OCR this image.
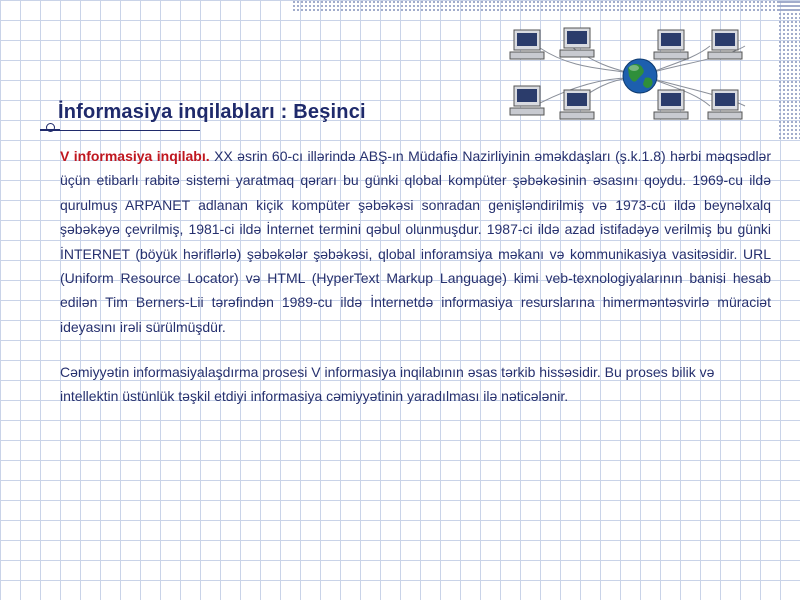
İnformasiya inqilabları : Beşinci

V informasiya inqilabı. XX əsrin 60-cı illərində ABŞ-ın Müdafiə Nazirliyinin əməkdaşları (ş.k.1.8) hərbi məqsədlər üçün etibarlı rabitə sistemi yaratmaq qərarı bu günki qlobal kompüter şəbəkəsinin əsasını qoydu. 1969-cu ildə qurulmuş ARPANET adlanan kiçik kompüter şəbəkəsi sonradan genişləndirilmiş və 1973-cü ildə beynəlxalq şəbəkəyə çevrilmiş, 1981-ci ildə İnternet termini qəbul olunmuşdur. 1987-ci ildə azad istifadəyə verilmiş bu günki İNTERNET (böyük həriflərlə) şəbəkələr şəbəkəsi, qlobal inforamsiya məkanı və kommunikasiya vasitəsidir. URL (Uniform Resource Locator) və HTML (HyperText Markup Language) kimi veb-texnologiyalarının banisi hesab edilən Tim Berners-Lii tərəfindən 1989-cu ildə İnternetdə informasiya resurslarına himerməntəsvirlə müraciət ideyasını irəli sürülmüşdür.

Cəmiyyətin informasiyalaşdırma prosesi V informasiya inqilabının əsas tərkib hissəsidir. Bu proses bilik və intellektin üstünlük təşkil etdiyi informasiya cəmiyyətinin yaradılması ilə nəticələnir.
